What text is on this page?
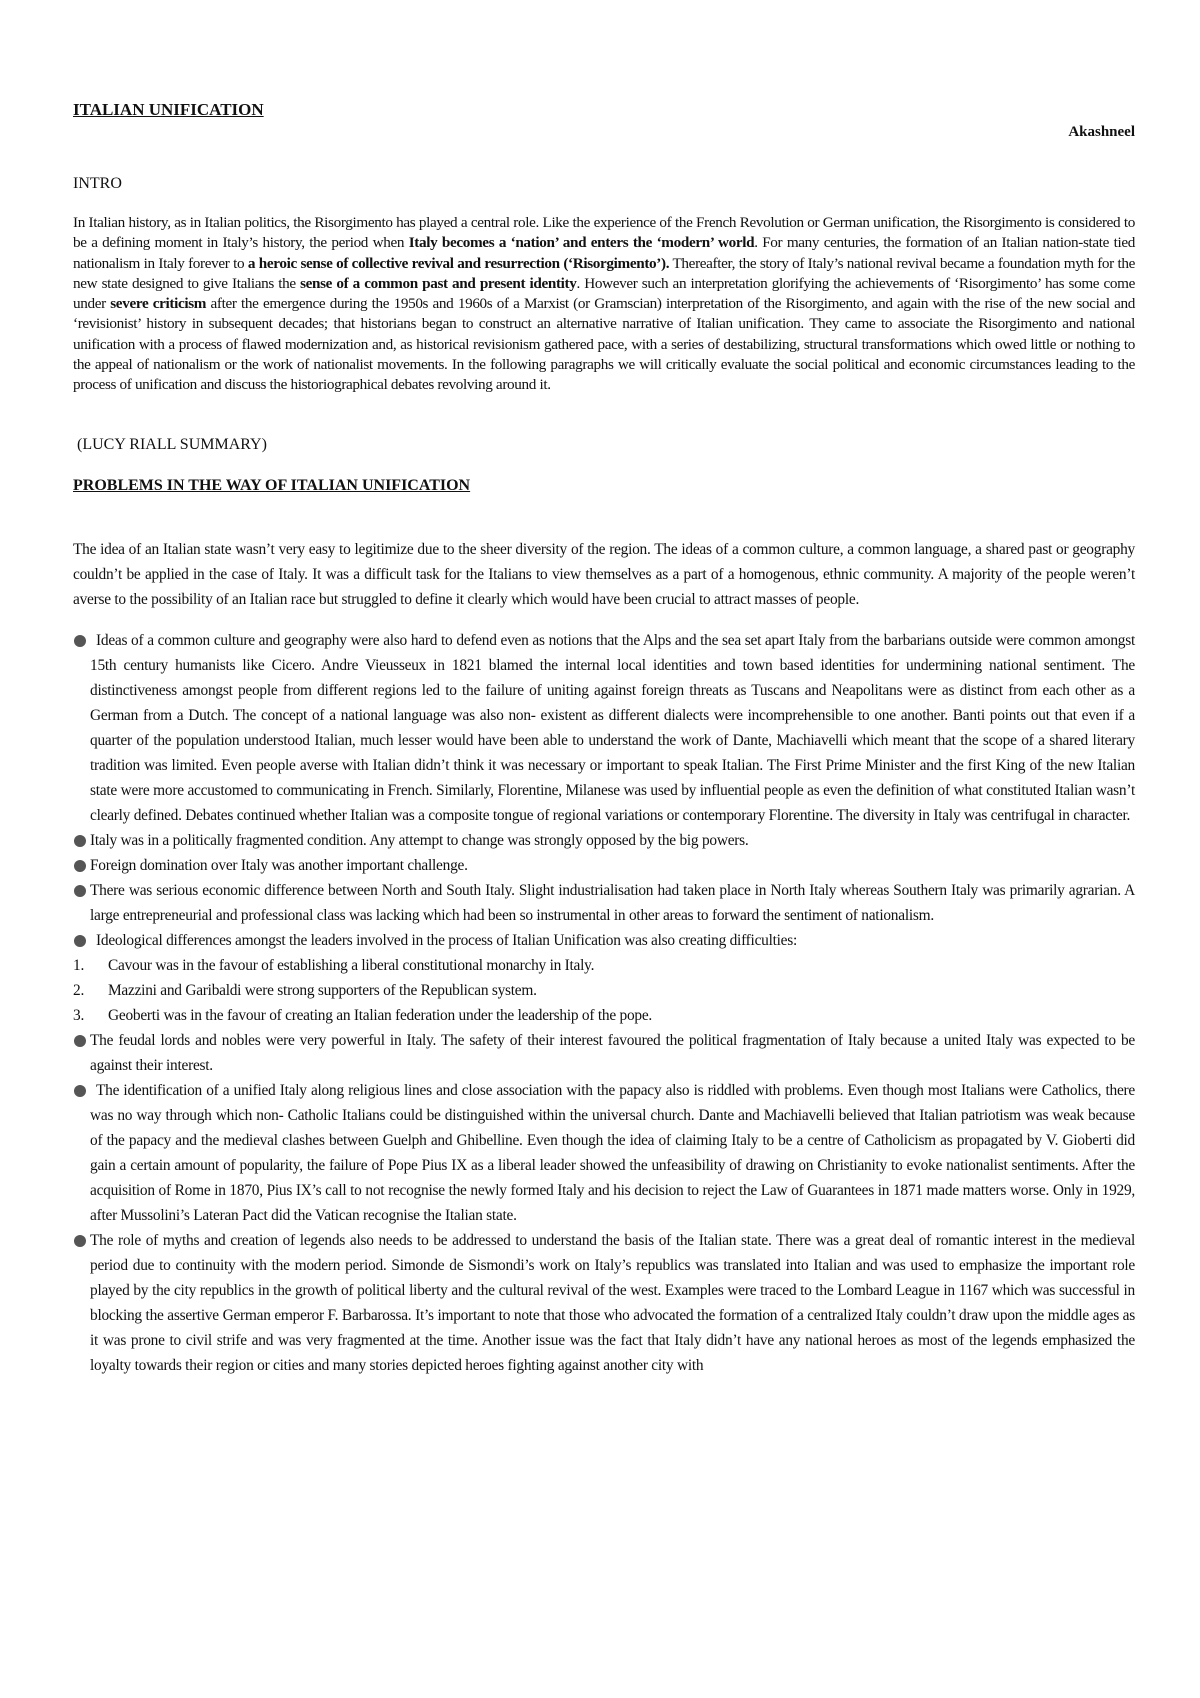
ITALIAN UNIFICATION

Akashneel

INTRO

In Italian history, as in Italian politics, the Risorgimento has played a central role. Like the experience of the French Revolution or German unification, the Risorgimento is considered to be a defining moment in Italy’s history, the period when Italy becomes a ‘nation’ and enters the ‘modern’ world. For many centuries, the formation of an Italian nation-state tied nationalism in Italy forever to a heroic sense of collective revival and resurrection (‘Risorgimento’). Thereafter, the story of Italy’s national revival became a foundation myth for the new state designed to give Italians the sense of a common past and present identity. However such an interpretation glorifying the achievements of ‘Risorgimento’ has some come under severe criticism after the emergence during the 1950s and 1960s of a Marxist (or Gramscian) interpretation of the Risorgimento, and again with the rise of the new social and ‘revisionist’ history in subsequent decades; that historians began to construct an alternative narrative of Italian unification. They came to associate the Risorgimento and national unification with a process of flawed modernization and, as historical revisionism gathered pace, with a series of destabilizing, structural transformations which owed little or nothing to the appeal of nationalism or the work of nationalist movements. In the following paragraphs we will critically evaluate the social political and economic circumstances leading to the process of unification and discuss the historiographical debates revolving around it.

(LUCY RIALL SUMMARY)

PROBLEMS IN THE WAY OF ITALIAN UNIFICATION

The idea of an Italian state wasn’t very easy to legitimize due to the sheer diversity of the region. The ideas of a common culture, a common language, a shared past or geography couldn’t be applied in the case of Italy. It was a difficult task for the Italians to view themselves as a part of a homogenous, ethnic community. A majority of the people weren’t averse to the possibility of an Italian race but struggled to define it clearly which would have been crucial to attract masses of people.

Ideas of a common culture and geography were also hard to defend even as notions that the Alps and the sea set apart Italy from the barbarians outside were common amongst 15th century humanists like Cicero. Andre Vieusseux in 1821 blamed the internal local identities and town based identities for undermining national sentiment. The distinctiveness amongst people from different regions led to the failure of uniting against foreign threats as Tuscans and Neapolitans were as distinct from each other as a German from a Dutch. The concept of a national language was also non- existent as different dialects were incomprehensible to one another. Banti points out that even if a quarter of the population understood Italian, much lesser would have been able to understand the work of Dante, Machiavelli which meant that the scope of a shared literary tradition was limited. Even people averse with Italian didn’t think it was necessary or important to speak Italian. The First Prime Minister and the first King of the new Italian state were more accustomed to communicating in French. Similarly, Florentine, Milanese was used by influential people as even the definition of what constituted Italian wasn’t clearly defined. Debates continued whether Italian was a composite tongue of regional variations or contemporary Florentine. The diversity in Italy was centrifugal in character.
Italy was in a politically fragmented condition. Any attempt to change was strongly opposed by the big powers.
Foreign domination over Italy was another important challenge.
There was serious economic difference between North and South Italy. Slight industrialisation had taken place in North Italy whereas Southern Italy was primarily agrarian. A large entrepreneurial and professional class was lacking which had been so instrumental in other areas to forward the sentiment of nationalism.
Ideological differences amongst the leaders involved in the process of Italian Unification was also creating difficulties:
1. Cavour was in the favour of establishing a liberal constitutional monarchy in Italy.
2. Mazzini and Garibaldi were strong supporters of the Republican system.
3. Geoberti was in the favour of creating an Italian federation under the leadership of the pope.
The feudal lords and nobles were very powerful in Italy. The safety of their interest favoured the political fragmentation of Italy because a united Italy was expected to be against their interest.
The identification of a unified Italy along religious lines and close association with the papacy also is riddled with problems. Even though most Italians were Catholics, there was no way through which non- Catholic Italians could be distinguished within the universal church. Dante and Machiavelli believed that Italian patriotism was weak because of the papacy and the medieval clashes between Guelph and Ghibelline. Even though the idea of claiming Italy to be a centre of Catholicism as propagated by V. Gioberti did gain a certain amount of popularity, the failure of Pope Pius IX as a liberal leader showed the unfeasibility of drawing on Christianity to evoke nationalist sentiments. After the acquisition of Rome in 1870, Pius IX’s call to not recognise the newly formed Italy and his decision to reject the Law of Guarantees in 1871 made matters worse. Only in 1929, after Mussolini’s Lateran Pact did the Vatican recognise the Italian state.
The role of myths and creation of legends also needs to be addressed to understand the basis of the Italian state. There was a great deal of romantic interest in the medieval period due to continuity with the modern period. Simonde de Sismondi’s work on Italy’s republics was translated into Italian and was used to emphasize the important role played by the city republics in the growth of political liberty and the cultural revival of the west. Examples were traced to the Lombard League in 1167 which was successful in blocking the assertive German emperor F. Barbarossa. It’s important to note that those who advocated the formation of a centralized Italy couldn’t draw upon the middle ages as it was prone to civil strife and was very fragmented at the time. Another issue was the fact that Italy didn’t have any national heroes as most of the legends emphasized the loyalty towards their region or cities and many stories depicted heroes fighting against another city with
